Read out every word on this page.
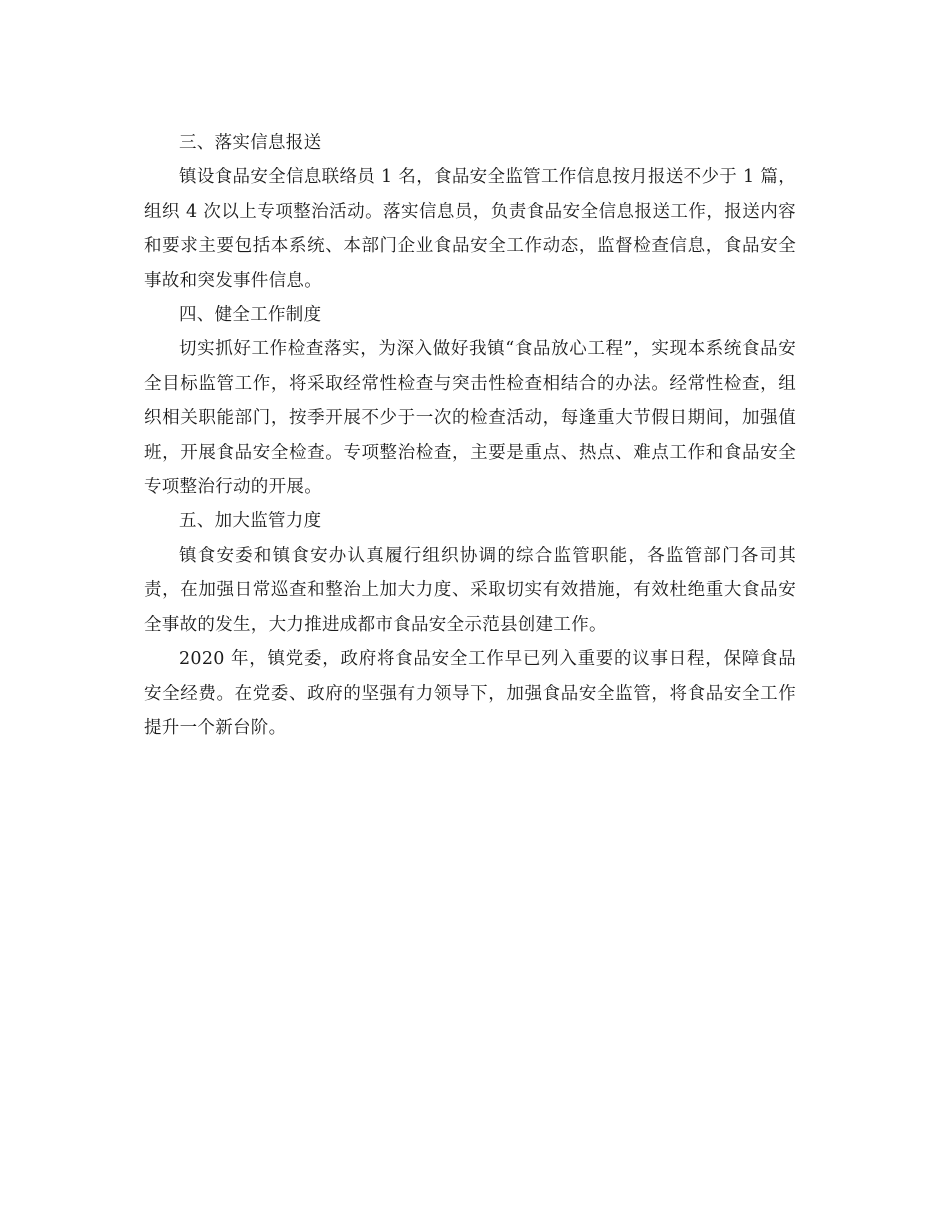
三、落实信息报送

镇设食品安全信息联络员 1 名，食品安全监管工作信息按月报送不少于 1 篇，组织 4 次以上专项整治活动。落实信息员，负责食品安全信息报送工作，报送内容和要求主要包括本系统、本部门企业食品安全工作动态，监督检查信息，食品安全事故和突发事件信息。

四、健全工作制度

切实抓好工作检查落实，为深入做好我镇“食品放心工程”，实现本系统食品安全目标监管工作，将采取经常性检查与突击性检查相结合的办法。经常性检查，组织相关职能部门，按季开展不少于一次的检查活动，每逢重大节假日期间，加强值班，开展食品安全检查。专项整治检查，主要是重点、热点、难点工作和食品安全专项整治行动的开展。

五、加大监管力度

镇食安委和镇食安办认真履行组织协调的综合监管职能，各监管部门各司其责，在加强日常巡查和整治上加大力度、采取切实有效措施，有效杜绝重大食品安全事故的发生，大力推进成都市食品安全示范县创建工作。

2020 年，镇党委，政府将食品安全工作早已列入重要的议事日程，保障食品安全经费。在党委、政府的坚强有力领导下，加强食品安全监管，将食品安全工作提升一个新台阶。
